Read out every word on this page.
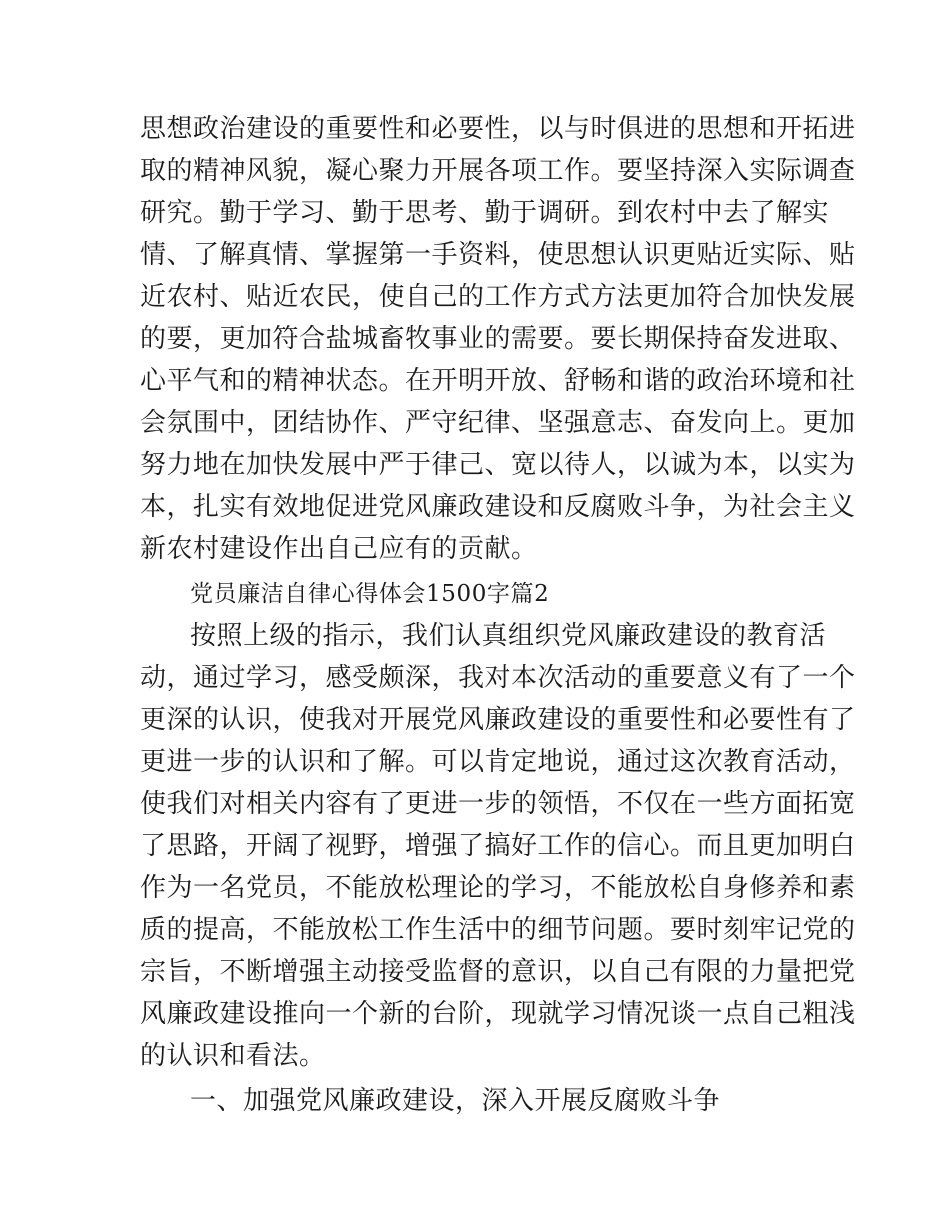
思想政治建设的重要性和必要性，以与时俱进的思想和开拓进
取的精神风貌，凝心聚力开展各项工作。要坚持深入实际调查
研究。勤于学习、勤于思考、勤于调研。到农村中去了解实
情、了解真情、掌握第一手资料，使思想认识更贴近实际、贴
近农村、贴近农民，使自己的工作方式方法更加符合加快发展
的要，更加符合盐城畜牧事业的需要。要长期保持奋发进取、
心平气和的精神状态。在开明开放、舒畅和谐的政治环境和社
会氛围中，团结协作、严守纪律、坚强意志、奋发向上。更加
努力地在加快发展中严于律己、宽以待人，以诚为本，以实为
本，扎实有效地促进党风廉政建设和反腐败斗争，为社会主义
新农村建设作出自己应有的贡献。
党员廉洁自律心得体会1500字篇2
按照上级的指示，我们认真组织党风廉政建设的教育活
动，通过学习，感受颇深，我对本次活动的重要意义有了一个
更深的认识，使我对开展党风廉政建设的重要性和必要性有了
更进一步的认识和了解。可以肯定地说，通过这次教育活动，
使我们对相关内容有了更进一步的领悟，不仅在一些方面拓宽
了思路，开阔了视野，增强了搞好工作的信心。而且更加明白
作为一名党员，不能放松理论的学习，不能放松自身修养和素
质的提高，不能放松工作生活中的细节问题。要时刻牢记党的
宗旨，不断增强主动接受监督的意识，以自己有限的力量把党
风廉政建设推向一个新的台阶，现就学习情况谈一点自己粗浅
的认识和看法。
一、加强党风廉政建设，深入开展反腐败斗争
